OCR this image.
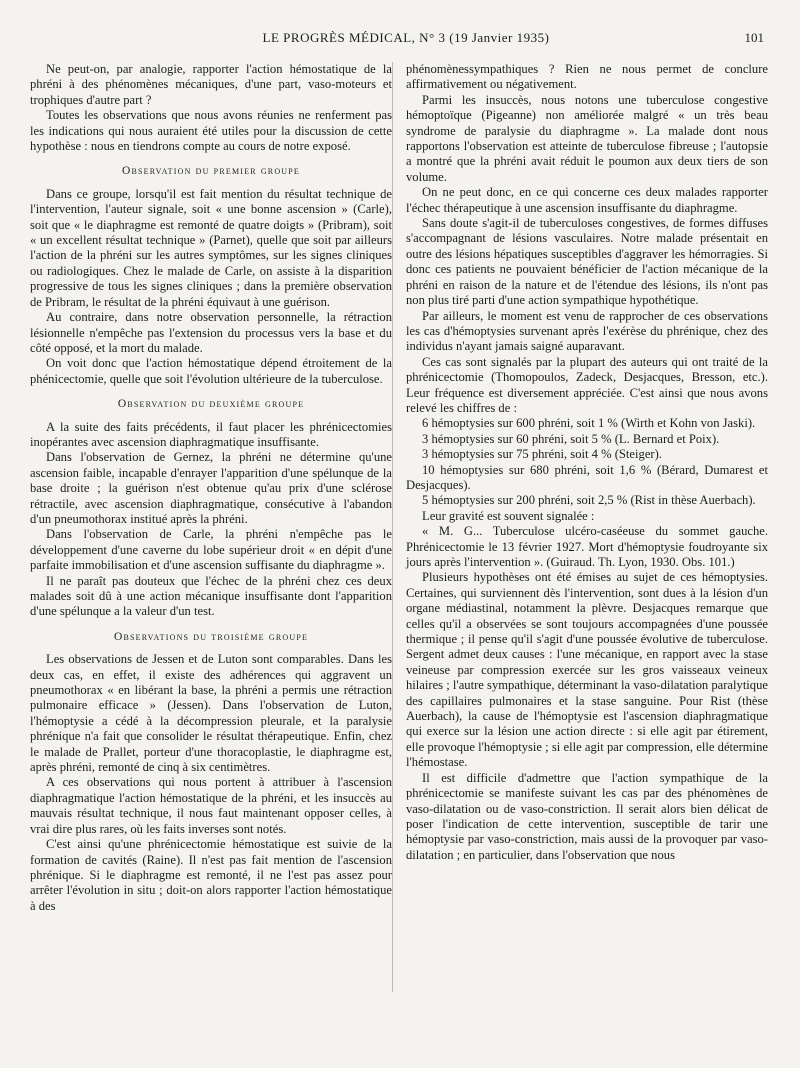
LE PROGRÈS MÉDICAL, N° 3 (19 Janvier 1935)	101

Ne peut-on, par analogie, rapporter l'action hémostatique de la phréni à des phénomènes mécaniques, d'une part, vaso-moteurs et trophiques d'autre part ?

Toutes les observations que nous avons réunies ne renferment pas les indications qui nous auraient été utiles pour la discussion de cette hypothèse : nous en tiendrons compte au cours de notre exposé.

Observation du premier groupe

Dans ce groupe, lorsqu'il est fait mention du résultat technique de l'intervention, l'auteur signale, soit « une bonne ascension » (Carle), soit que « le diaphragme est remonté de quatre doigts » (Pribram), soit « un excellent résultat technique » (Parnet), quelle que soit par ailleurs l'action de la phréni sur les autres symptômes, sur les signes cliniques ou radiologiques. Chez le malade de Carle, on assiste à la disparition progressive de tous les signes cliniques ; dans la première observation de Pribram, le résultat de la phréni équivaut à une guérison.

Au contraire, dans notre observation personnelle, la rétraction lésionnelle n'empêche pas l'extension du processus vers la base et du côté opposé, et la mort du malade.

On voit donc que l'action hémostatique dépend étroitement de la phénicectomie, quelle que soit l'évolution ultérieure de la tuberculose.

Observation du deuxième groupe

A la suite des faits précédents, il faut placer les phrénicectomies inopérantes avec ascension diaphragmatique insuffisante.

Dans l'observation de Gernez, la phréni ne détermine qu'une ascension faible, incapable d'enrayer l'apparition d'une spélunque de la base droite ; la guérison n'est obtenue qu'au prix d'une sclérose rétractile, avec ascension diaphragmatique, consécutive à l'abandon d'un pneumothorax institué après la phréni.

Dans l'observation de Carle, la phréni n'empêche pas le développement d'une caverne du lobe supérieur droit « en dépit d'une parfaite immobilisation et d'une ascension suffisante du diaphragme ».

Il ne paraît pas douteux que l'échec de la phréni chez ces deux malades soit dû à une action mécanique insuffisante dont l'apparition d'une spélunque a la valeur d'un test.

Observations du troisième groupe

Les observations de Jessen et de Luton sont comparables. Dans les deux cas, en effet, il existe des adhérences qui aggravent un pneumothorax « en libérant la base, la phréni a permis une rétraction pulmonaire efficace » (Jessen). Dans l'observation de Luton, l'hémoptysie a cédé à la décompression pleurale, et la paralysie phrénique n'a fait que consolider le résultat thérapeutique. Enfin, chez le malade de Prallet, porteur d'une thoracoplastie, le diaphragme est, après phréni, remonté de cinq à six centimètres.

A ces observations qui nous portent à attribuer à l'ascension diaphragmatique l'action hémostatique de la phréni, et les insuccès au mauvais résultat technique, il nous faut maintenant opposer celles, à vrai dire plus rares, où les faits inverses sont notés.

C'est ainsi qu'une phrénicectomie hémostatique est suivie de la formation de cavités (Raine). Il n'est pas fait mention de l'ascension phrénique. Si le diaphragme est remonté, il ne l'est pas assez pour arrêter l'évolution in situ ; doit-on alors rapporter l'action hémostatique à des

phénomènessympathiques ? Rien ne nous permet de conclure affirmativement ou négativement.

Parmi les insuccès, nous notons une tuberculose congestive hémoptoïque (Pigeanne) non améliorée malgré « un très beau syndrome de paralysie du diaphragme ». La malade dont nous rapportons l'observation est atteinte de tuberculose fibreuse ; l'autopsie a montré que la phréni avait réduit le poumon aux deux tiers de son volume.

On ne peut donc, en ce qui concerne ces deux malades rapporter l'échec thérapeutique à une ascension insuffisante du diaphragme.

Sans doute s'agit-il de tuberculoses congestives, de formes diffuses s'accompagnant de lésions vasculaires. Notre malade présentait en outre des lésions hépatiques susceptibles d'aggraver les hémorragies. Si donc ces patients ne pouvaient bénéficier de l'action mécanique de la phréni en raison de la nature et de l'étendue des lésions, ils n'ont pas non plus tiré parti d'une action sympathique hypothétique.

Par ailleurs, le moment est venu de rapprocher de ces observations les cas d'hémoptysies survenant après l'exérèse du phrénique, chez des individus n'ayant jamais saigné auparavant.

Ces cas sont signalés par la plupart des auteurs qui ont traité de la phrénicectomie (Thomopoulos, Zadeck, Desjacques, Bresson, etc.). Leur fréquence est diversement appréciée. C'est ainsi que nous avons relevé les chiffres de :

6 hémoptysies sur 600 phréni, soit 1 % (Wirth et Kohn von Jaski).

3 hémoptysies sur 60 phréni, soit 5 % (L. Bernard et Poix).

3 hémoptysies sur 75 phréni, soit 4 % (Steiger).

10 hémoptysies sur 680 phréni, soit 1,6 % (Bérard, Dumarest et Desjacques).

5 hémoptysies sur 200 phréni, soit 2,5 % (Rist in thèse Auerbach).

Leur gravité est souvent signalée :

« M. G... Tuberculose ulcéro-caséeuse du sommet gauche. Phrénicectomie le 13 février 1927. Mort d'hémoptysie foudroyante six jours après l'intervention ». (Guiraud. Th. Lyon, 1930. Obs. 101.)

Plusieurs hypothèses ont été émises au sujet de ces hémoptysies. Certaines, qui surviennent dès l'intervention, sont dues à la lésion d'un organe médiastinal, notamment la plèvre. Desjacques remarque que celles qu'il a observées se sont toujours accompagnées d'une poussée thermique ; il pense qu'il s'agit d'une poussée évolutive de tuberculose. Sergent admet deux causes : l'une mécanique, en rapport avec la stase veineuse par compression exercée sur les gros vaisseaux veineux hilaires ; l'autre sympathique, déterminant la vaso-dilatation paralytique des capillaires pulmonaires et la stase sanguine. Pour Rist (thèse Auerbach), la cause de l'hémoptysie est l'ascension diaphragmatique qui exerce sur la lésion une action directe : si elle agit par étirement, elle provoque l'hémoptysie ; si elle agit par compression, elle détermine l'hémostase.

Il est difficile d'admettre que l'action sympathique de la phrénicectomie se manifeste suivant les cas par des phénomènes de vaso-dilatation ou de vaso-constriction. Il serait alors bien délicat de poser l'indication de cette intervention, susceptible de tarir une hémoptysie par vaso-constriction, mais aussi de la provoquer par vaso-dilatation ; en particulier, dans l'observation que nous
